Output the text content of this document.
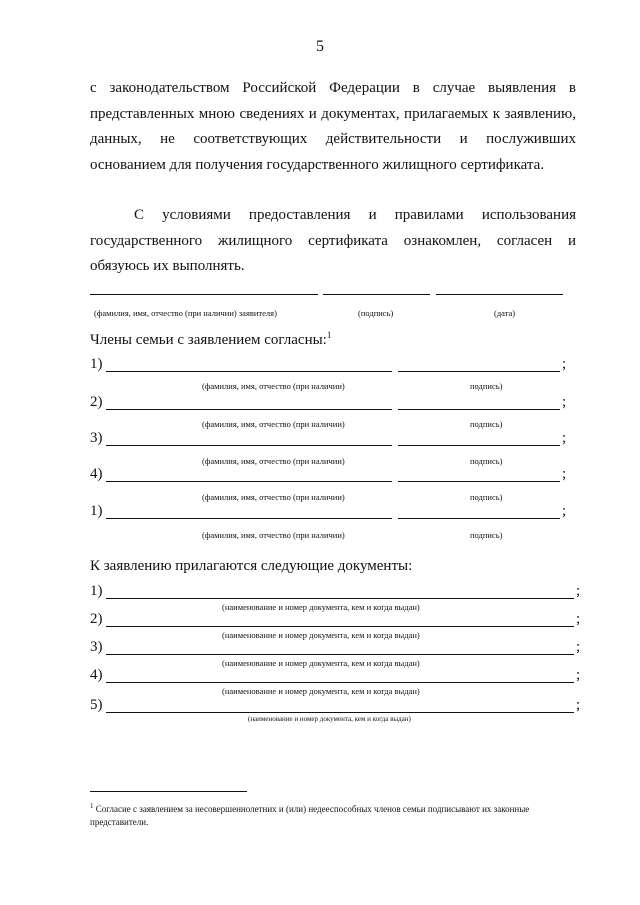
5
с законодательством Российской Федерации в случае выявления в представленных мною сведениях и документах, прилагаемых к заявлению, данных, не соответствующих действительности и послуживших основанием для получения государственного жилищного сертификата.
С условиями предоставления и правилами использования государственного жилищного сертификата ознакомлен, согласен и обязуюсь их выполнять.
(фамилия, имя, отчество (при наличии) заявителя)	(подпись)	(дата)
Члены семьи с заявлением согласны:$^1$
1)	;
(фамилия, имя, отчество (при наличии)	подпись)
2)	;
(фамилия, имя, отчество (при наличии)	подпись)
3)	;
(фамилия, имя, отчество (при наличии)	подпись)
4)	;
(фамилия, имя, отчество (при наличии)	подпись)
1)	;
(фамилия, имя, отчество (при наличии)	подпись)
К заявлению прилагаются следующие документы:
1)	;
(наименование и номер документа, кем и когда выдан)
2)	;
(наименование и номер документа, кем и когда выдан)
3)	;
(наименование и номер документа, кем и когда выдан)
4)	;
(наименование и номер документа, кем и когда выдан)
5)	;
(наименование и номер документа, кем и когда выдан)
$^1$ Согласие с заявлением за несовершеннолетних и (или) недееспособных членов семьи подписывают их законные представители.
